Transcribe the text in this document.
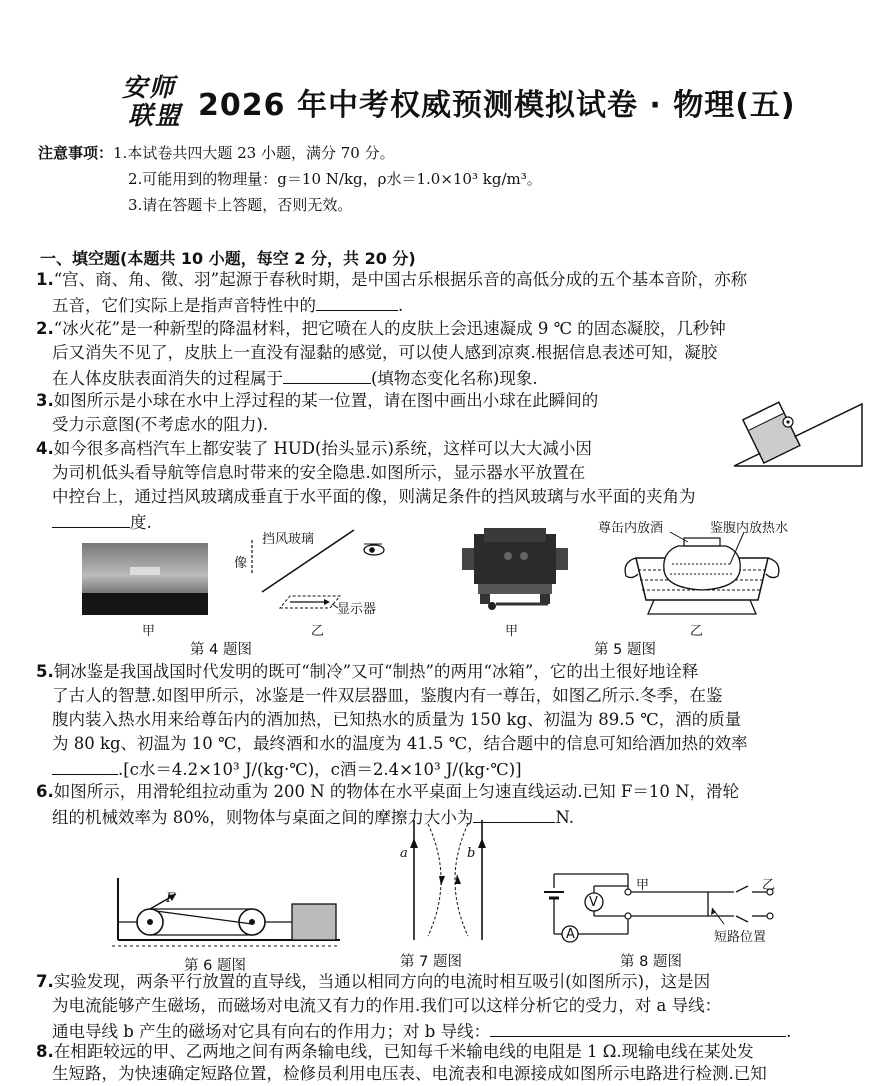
安师
联盟 2026 年中考权威预测模拟试卷 · 物理(五)
注意事项：1.本试卷共四大题 23 小题，满分 70 分。
2.可能用到的物理量：g＝10 N/kg，ρ水＝1.0×10³ kg/m³。
3.请在答题卡上答题，否则无效。
一、填空题(本题共 10 小题，每空 2 分，共 20 分)
1.“宫、商、角、徵、羽”起源于春秋时期，是中国古乐根据乐音的高低分成的五个基本音阶，亦称
五音，它们实际上是指声音特性中的	.
2.“冰火花”是一种新型的降温材料，把它喷在人的皮肤上会迅速凝成 9 ℃ 的固态凝胶，几秒钟
后又消失不见了，皮肤上一直没有湿黏的感觉，可以使人感到凉爽.根据信息表述可知，凝胶
在人体皮肤表面消失的过程属于	(填物态变化名称)现象.
3.如图所示是小球在水中上浮过程的某一位置，请在图中画出小球在此瞬间的
受力示意图(不考虑水的阻力).
4.如今很多高档汽车上都安装了 HUD(抬头显示)系统，这样可以大大减小因
为司机低头看导航等信息时带来的安全隐患.如图所示，显示器水平放置在
中控台上，通过挡风玻璃成垂直于水平面的像，则满足条件的挡风玻璃与水平面的夹角为
度.
甲
挡风玻璃
像
显示器
乙
第 4 题图
甲
尊缶内放酒	鉴腹内放热水
乙
第 5 题图
5.铜冰鉴是我国战国时代发明的既可“制冷”又可“制热”的两用“冰箱”，它的出土很好地诠释
了古人的智慧.如图甲所示，冰鉴是一件双层器皿，鉴腹内有一尊缶，如图乙所示.冬季，在鉴
腹内装入热水用来给尊缶内的酒加热，已知热水的质量为 150 kg、初温为 89.5 ℃，酒的质量
为 80 kg、初温为 10 ℃，最终酒和水的温度为 41.5 ℃，结合题中的信息可知给酒加热的效率
.[c水＝4.2×10³ J/(kg·℃)，c酒＝2.4×10³ J/(kg·℃)]
6.如图所示，用滑轮组拉动重为 200 N 的物体在水平桌面上匀速直线运动.已知 F＝10 N，滑轮
组的机械效率为 80%，则物体与桌面之间的摩擦力大小为	N.
F
第 6 题图
a	b
第 7 题图
V
A
甲	乙
短路位置
第 8 题图
7.实验发现，两条平行放置的直导线，当通以相同方向的电流时相互吸引(如图所示)，这是因
为电流能够产生磁场，而磁场对电流又有力的作用.我们可以这样分析它的受力，对 a 导线：
通电导线 b 产生的磁场对它具有向右的作用力；对 b 导线：	.
8.在相距较远的甲、乙两地之间有两条输电线，已知每千米输电线的电阻是 1 Ω.现输电线在某处发
生短路，为快速确定短路位置，检修员利用电压表、电流表和电源接成如图所示电路进行检测.已知
